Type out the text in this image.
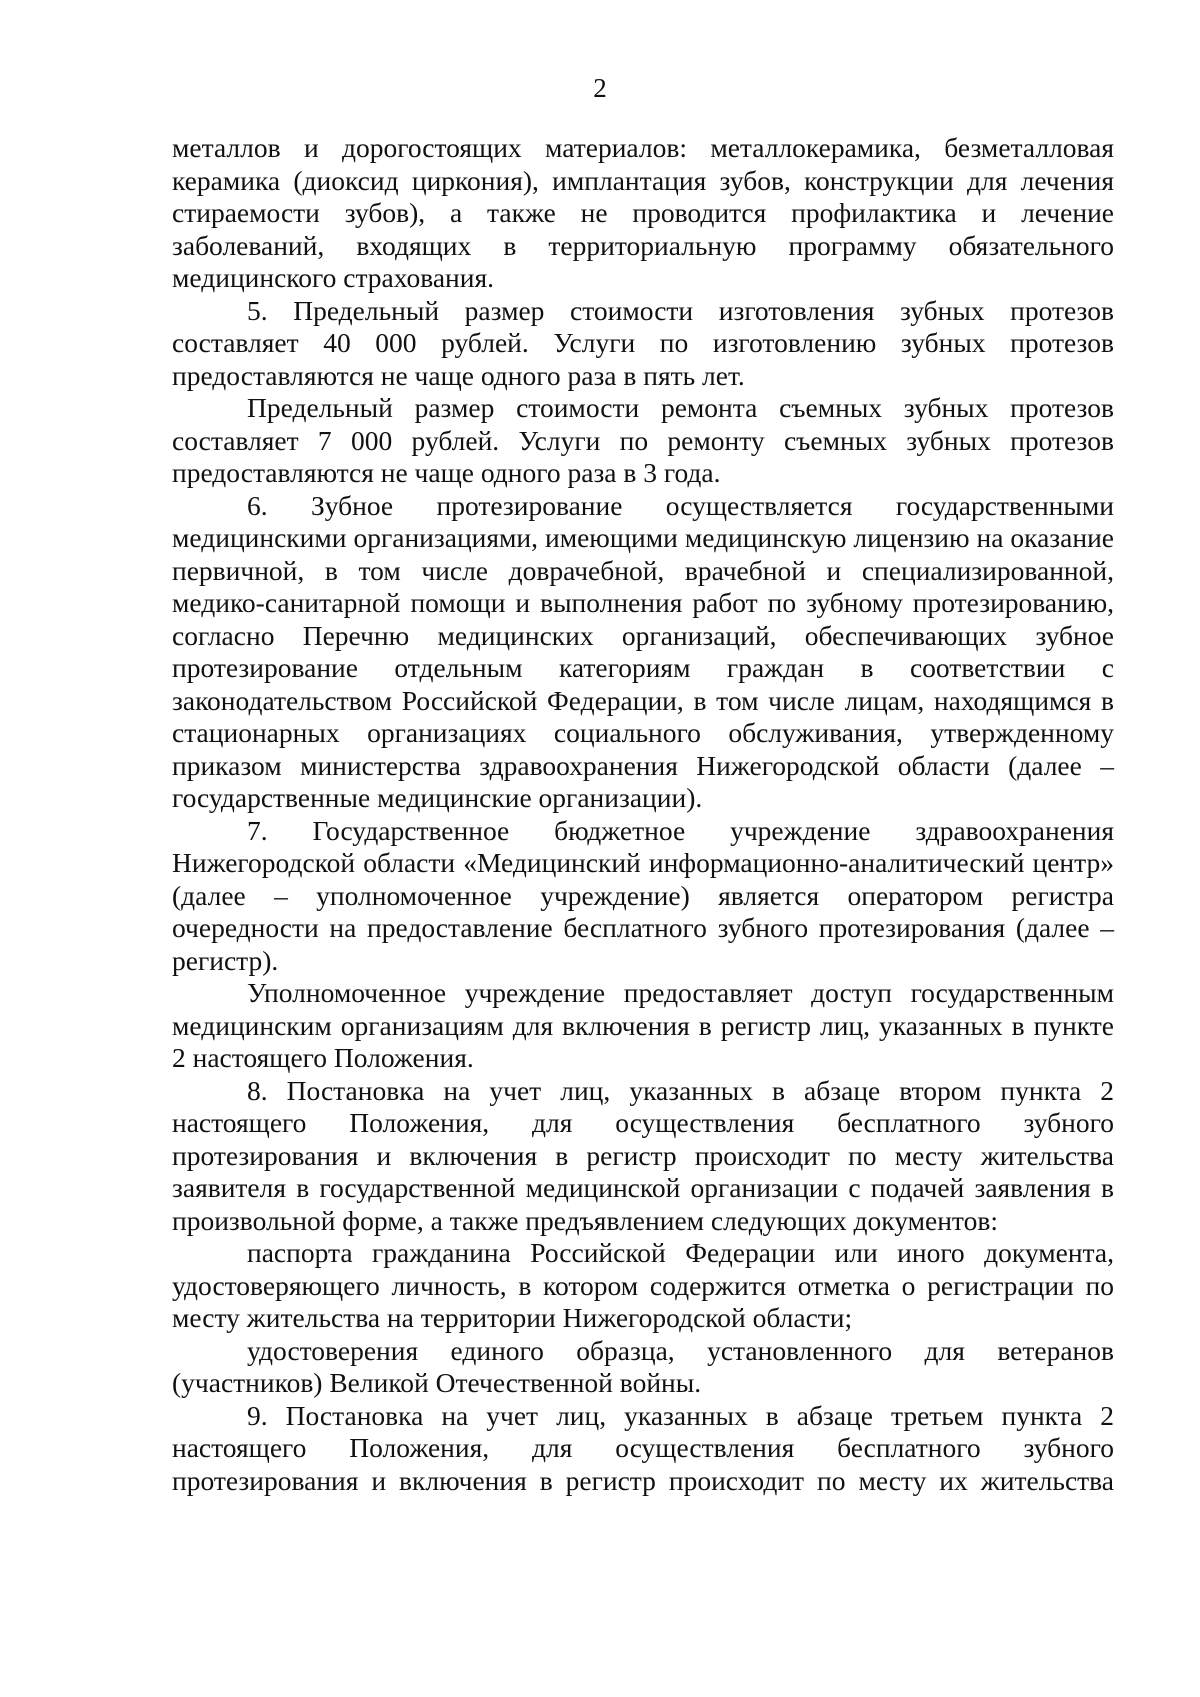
2

металлов и дорогостоящих материалов: металлокерамика, безметалловая керамика (диоксид циркония), имплантация зубов, конструкции для лечения стираемости зубов), а также не проводится профилактика и лечение заболеваний, входящих в территориальную программу обязательного медицинского страхования.

5. Предельный размер стоимости изготовления зубных протезов составляет 40 000 рублей. Услуги по изготовлению зубных протезов предоставляются не чаще одного раза в пять лет.

Предельный размер стоимости ремонта съемных зубных протезов составляет 7 000 рублей. Услуги по ремонту съемных зубных протезов предоставляются не чаще одного раза в 3 года.

6. Зубное протезирование осуществляется государственными медицинскими организациями, имеющими медицинскую лицензию на оказание первичной, в том числе доврачебной, врачебной и специализированной, медико-санитарной помощи и выполнения работ по зубному протезированию, согласно Перечню медицинских организаций, обеспечивающих зубное протезирование отдельным категориям граждан в соответствии с законодательством Российской Федерации, в том числе лицам, находящимся в стационарных организациях социального обслуживания, утвержденному приказом министерства здравоохранения Нижегородской области (далее – государственные медицинские организации).

7. Государственное бюджетное учреждение здравоохранения Нижегородской области «Медицинский информационно-аналитический центр» (далее – уполномоченное учреждение) является оператором регистра очередности на предоставление бесплатного зубного протезирования (далее – регистр).

Уполномоченное учреждение предоставляет доступ государственным медицинским организациям для включения в регистр лиц, указанных в пункте 2 настоящего Положения.

8. Постановка на учет лиц, указанных в абзаце втором пункта 2 настоящего Положения, для осуществления бесплатного зубного протезирования и включения в регистр происходит по месту жительства заявителя в государственной медицинской организации с подачей заявления в произвольной форме, а также предъявлением следующих документов:

паспорта гражданина Российской Федерации или иного документа, удостоверяющего личность, в котором содержится отметка о регистрации по месту жительства на территории Нижегородской области;

удостоверения единого образца, установленного для ветеранов (участников) Великой Отечественной войны.

9. Постановка на учет лиц, указанных в абзаце третьем пункта 2 настоящего Положения, для осуществления бесплатного зубного протезирования и включения в регистр происходит по месту их жительства
